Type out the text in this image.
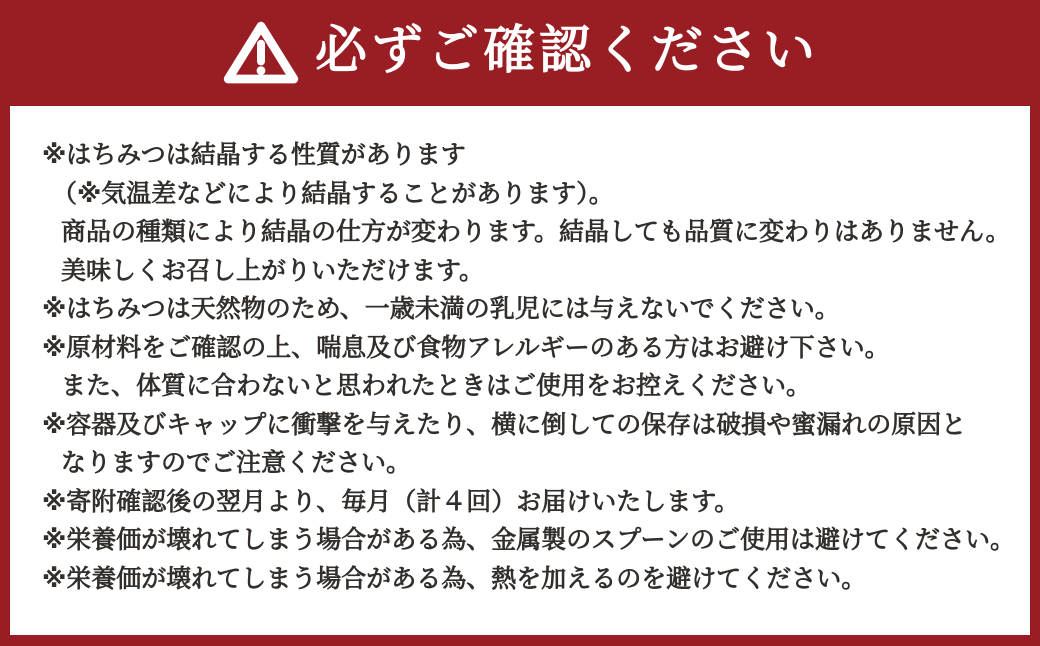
必ずご確認ください
※はちみつは結晶する性質があります
（※気温差などにより結晶することがあります）。
商品の種類により結晶の仕方が変わります。結晶しても品質に変わりはありません。
美味しくお召し上がりいただけます。
※はちみつは天然物のため、一歳未満の乳児には与えないでください。
※原材料をご確認の上、喘息及び食物アレルギーのある方はお避け下さい。
また、体質に合わないと思われたときはご使用をお控えください。
※容器及びキャップに衝撃を与えたり、横に倒しての保存は破損や蜜漏れの原因と
なりますのでご注意ください。
※寄附確認後の翌月より、毎月（計４回）お届けいたします。
※栄養価が壊れてしまう場合がある為、金属製のスプーンのご使用は避けてください。
※栄養価が壊れてしまう場合がある為、熱を加えるのを避けてください。
